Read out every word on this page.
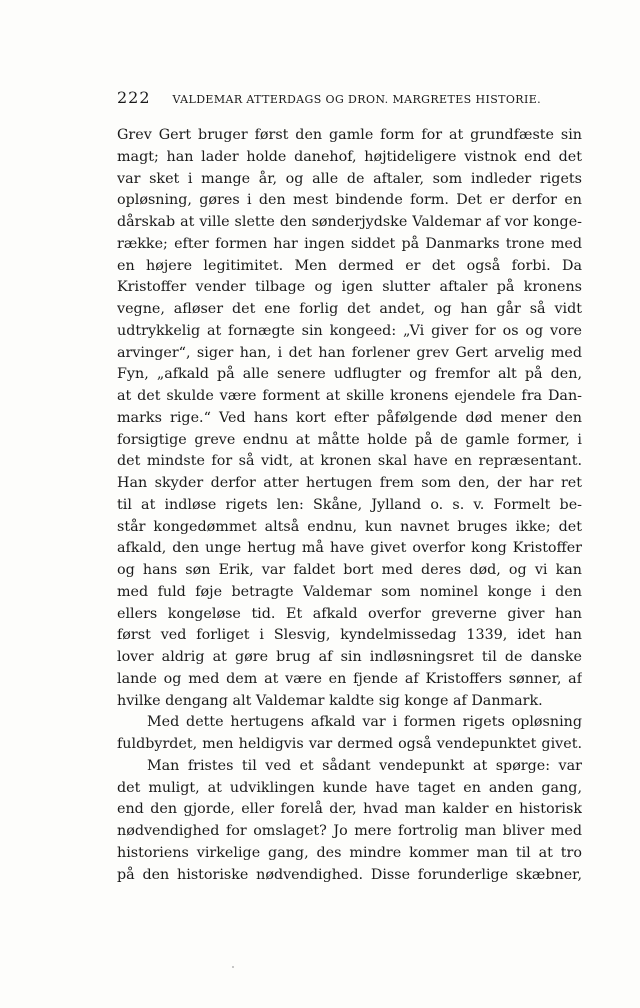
222 VALDEMAR ATTERDAGS OG DRON. MARGRETES HISTORIE.
Grev Gert bruger først den gamle form for at grundfæste sin
magt; han lader holde danehof, højtideligere vistnok end det
var sket i mange år, og alle de aftaler, som indleder rigets
opløsning, gøres i den mest bindende form. Det er derfor en
dårskab at ville slette den sønderjydske Valdemar af vor konge-
række; efter formen har ingen siddet på Danmarks trone med
en højere legitimitet. Men dermed er det også forbi. Da
Kristoffer vender tilbage og igen slutter aftaler på kronens
vegne, afløser det ene forlig det andet, og han går så vidt
udtrykkelig at fornægte sin kongeed: „Vi giver for os og vore
arvinger“, siger han, i det han forlener grev Gert arvelig med
Fyn, „afkald på alle senere udflugter og fremfor alt på den,
at det skulde være forment at skille kronens ejendele fra Dan-
marks rige.“ Ved hans kort efter påfølgende død mener den
forsigtige greve endnu at måtte holde på de gamle former, i
det mindste for så vidt, at kronen skal have en repræsentant.
Han skyder derfor atter hertugen frem som den, der har ret
til at indløse rigets len: Skåne, Jylland o. s. v. Formelt be-
står kongedømmet altså endnu, kun navnet bruges ikke; det
afkald, den unge hertug må have givet overfor kong Kristoffer
og hans søn Erik, var faldet bort med deres død, og vi kan
med fuld føje betragte Valdemar som nominel konge i den
ellers kongeløse tid. Et afkald overfor greverne giver han
først ved forliget i Slesvig, kyndelmissedag 1339, idet han
lover aldrig at gøre brug af sin indløsningsret til de danske
lande og med dem at være en fjende af Kristoffers sønner, af
hvilke dengang alt Valdemar kaldte sig konge af Danmark.
Med dette hertugens afkald var i formen rigets opløsning
fuldbyrdet, men heldigvis var dermed også vendepunktet givet.
Man fristes til ved et sådant vendepunkt at spørge: var
det muligt, at udviklingen kunde have taget en anden gang,
end den gjorde, eller forelå der, hvad man kalder en historisk
nødvendighed for omslaget? Jo mere fortrolig man bliver med
historiens virkelige gang, des mindre kommer man til at tro
på den historiske nødvendighed. Disse forunderlige skæbner,
